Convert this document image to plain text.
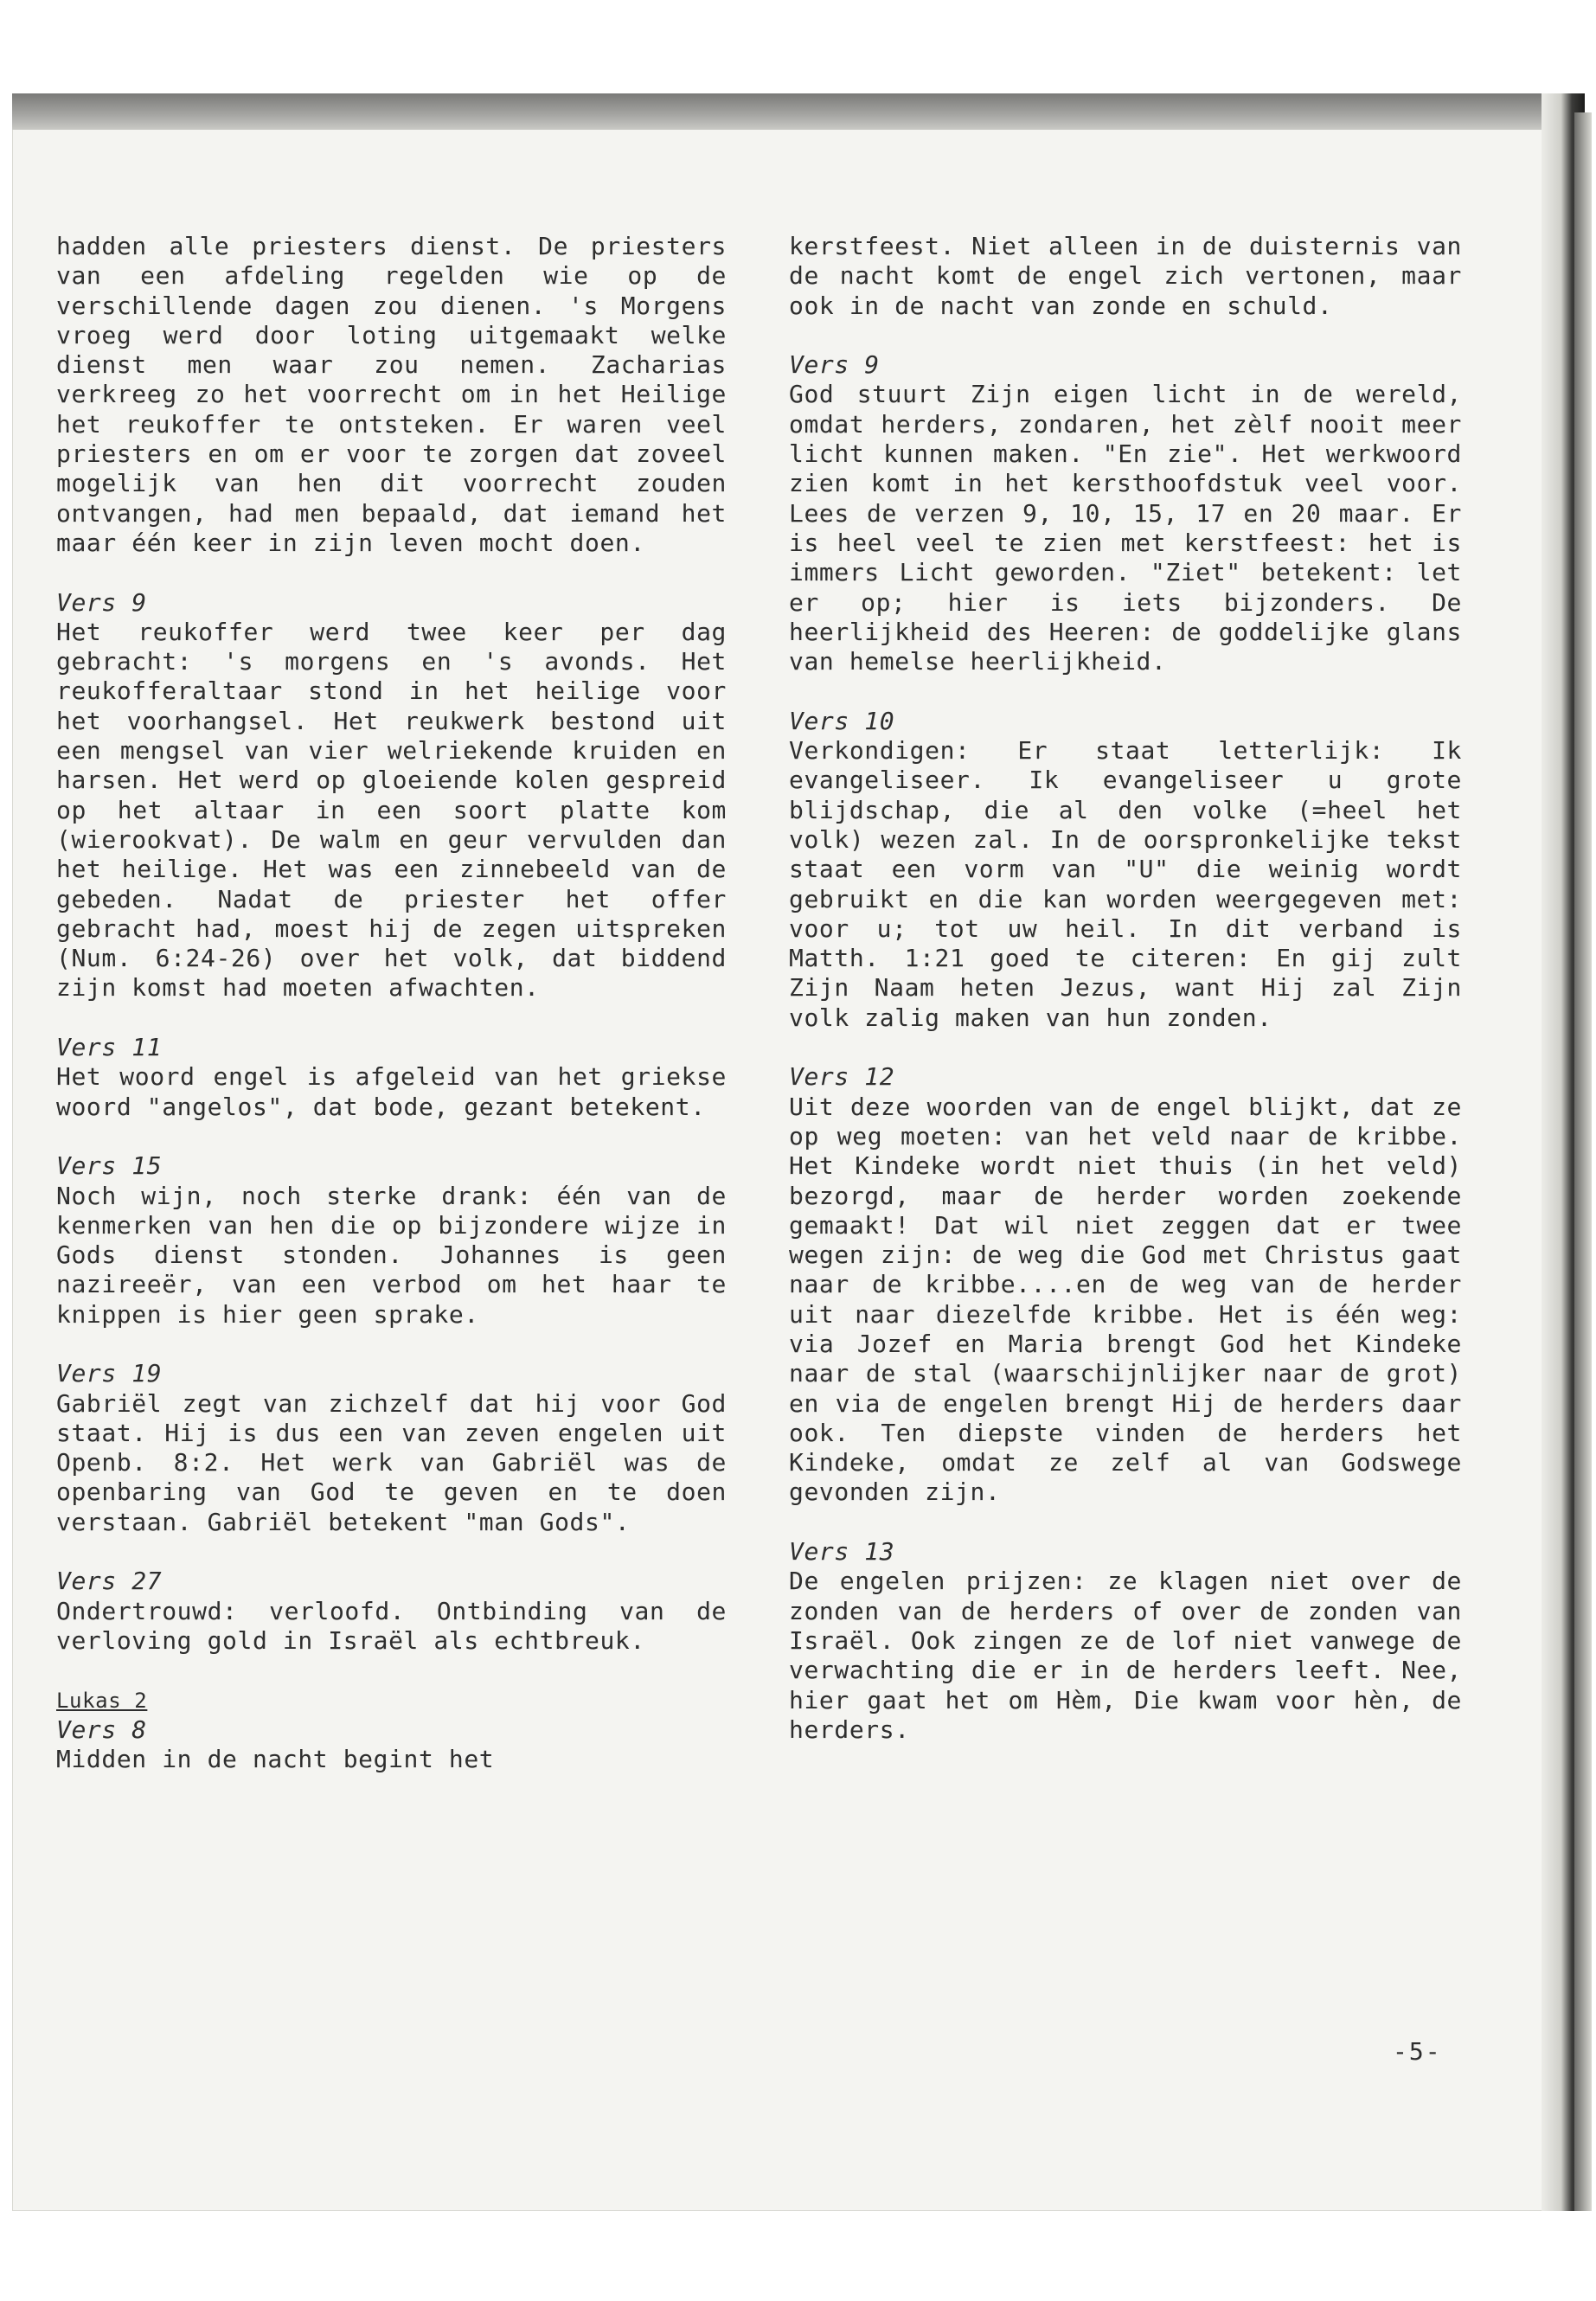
hadden alle priesters dienst. De priesters van een afdeling regelden wie op de verschillende dagen zou dienen. 's Morgens vroeg werd door loting uitgemaakt welke dienst men waar zou nemen. Zacharias verkreeg zo het voorrecht om in het Heilige het reukoffer te ontsteken. Er waren veel priesters en om er voor te zorgen dat zoveel mogelijk van hen dit voorrecht zouden ontvangen, had men bepaald, dat iemand het maar één keer in zijn leven mocht doen.

Vers 9

Het reukoffer werd twee keer per dag gebracht: 's morgens en 's avonds. Het reukofferaltaar stond in het heilige voor het voorhangsel. Het reukwerk bestond uit een mengsel van vier welriekende kruiden en harsen. Het werd op gloeiende kolen gespreid op het altaar in een soort platte kom (wierookvat). De walm en geur vervulden dan het heilige. Het was een zinnebeeld van de gebeden. Nadat de priester het offer gebracht had, moest hij de zegen uitspreken (Num. 6:24-26) over het volk, dat biddend zijn komst had moeten afwachten.

Vers 11

Het woord engel is afgeleid van het griekse woord "angelos", dat bode, gezant betekent.

Vers 15

Noch wijn, noch sterke drank: één van de kenmerken van hen die op bijzondere wijze in Gods dienst stonden. Johannes is geen nazireeër, van een verbod om het haar te knippen is hier geen sprake.

Vers 19

Gabriël zegt van zichzelf dat hij voor God staat. Hij is dus een van zeven engelen uit Openb. 8:2. Het werk van Gabriël was de openbaring van God te geven en te doen verstaan. Gabriël betekent "man Gods".

Vers 27

Ondertrouwd: verloofd. Ontbinding van de verloving gold in Israël als echtbreuk.

Lukas 2

Vers 8

Midden in de nacht begint het

kerstfeest. Niet alleen in de duisternis van de nacht komt de engel zich vertonen, maar ook in de nacht van zonde en schuld.

Vers 9

God stuurt Zijn eigen licht in de wereld, omdat herders, zondaren, het zèlf nooit meer licht kunnen maken. "En zie". Het werkwoord zien komt in het kersthoofdstuk veel voor. Lees de verzen 9, 10, 15, 17 en 20 maar. Er is heel veel te zien met kerstfeest: het is immers Licht geworden. "Ziet" betekent: let er op; hier is iets bijzonders. De heerlijkheid des Heeren: de goddelijke glans van hemelse heerlijkheid.

Vers 10

Verkondigen: Er staat letterlijk: Ik evangeliseer. Ik evangeliseer u grote blijdschap, die al den volke (=heel het volk) wezen zal. In de oorspronkelijke tekst staat een vorm van "U" die weinig wordt gebruikt en die kan worden weergegeven met: voor u; tot uw heil. In dit verband is Matth. 1:21 goed te citeren: En gij zult Zijn Naam heten Jezus, want Hij zal Zijn volk zalig maken van hun zonden.

Vers 12

Uit deze woorden van de engel blijkt, dat ze op weg moeten: van het veld naar de kribbe. Het Kindeke wordt niet thuis (in het veld) bezorgd, maar de herder worden zoekende gemaakt! Dat wil niet zeggen dat er twee wegen zijn: de weg die God met Christus gaat naar de kribbe....en de weg van de herder uit naar diezelfde kribbe. Het is één weg: via Jozef en Maria brengt God het Kindeke naar de stal (waarschijnlijker naar de grot) en via de engelen brengt Hij de herders daar ook. Ten diepste vinden de herders het Kindeke, omdat ze zelf al van Godswege gevonden zijn.

Vers 13

De engelen prijzen: ze klagen niet over de zonden van de herders of over de zonden van Israël. Ook zingen ze de lof niet vanwege de verwachting die er in de herders leeft. Nee, hier gaat het om Hèm, Die kwam voor hèn, de herders.

-5-
